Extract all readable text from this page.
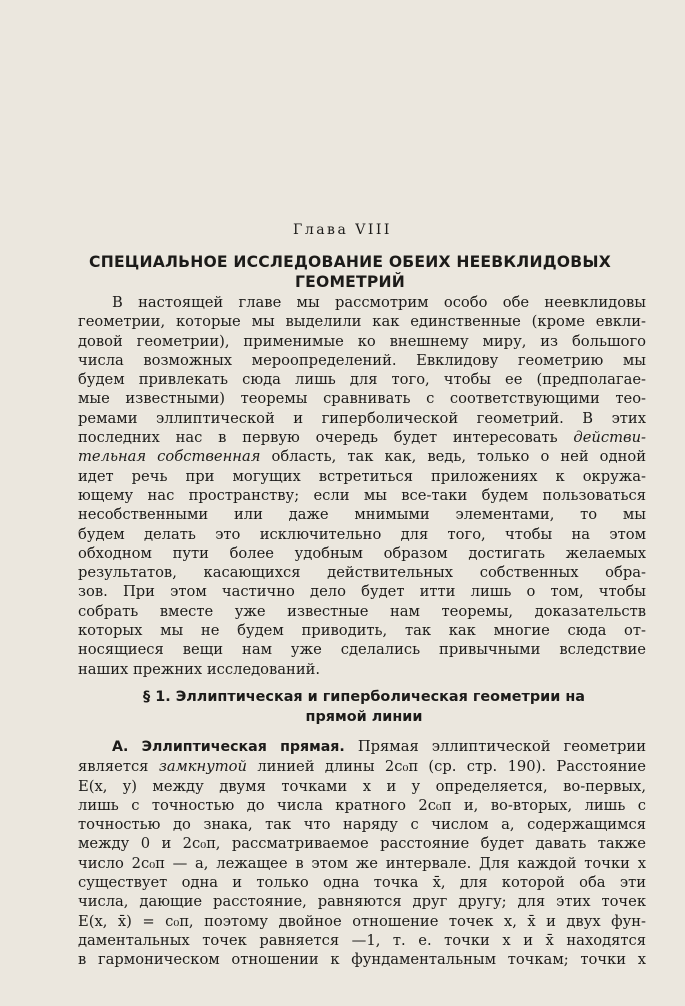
Глава VIII
СПЕЦИАЛЬНОЕ ИССЛЕДОВАНИЕ ОБЕИХ НЕЕВКЛИДОВЫХ
ГЕОМЕТРИЙ
В настоящей главе мы рассмотрим особо обе неевклидовы
геометрии, которые мы выделили как единственные (кроме евкли-
довой геометрии), применимые ко внешнему миру, из большого
числа возможных мероопределений. Евклидову геометрию мы
будем привлекать сюда лишь для того, чтобы ее (предполагае-
мые известными) теоремы сравнивать с соответствующими тео-
ремами эллиптической и гиперболической геометрий. В этих
последних нас в первую очередь будет интересовать действи-
тельная собственная область, так как, ведь, только о ней одной
идет речь при могущих встретиться приложениях к окружа-
ющему нас пространству; если мы все-таки будем пользоваться
несобственными или даже мнимыми элементами, то мы
будем делать это исключительно для того, чтобы на этом
обходном пути более удобным образом достигать желаемых
результатов, касающихся действительных собственных обра-
зов. При этом частично дело будет итти лишь о том, чтобы
собрать вместе уже известные нам теоремы, доказательств
которых мы не будем приводить, так как многие сюда от-
носящиеся вещи нам уже сделались привычными вследствие
наших прежних исследований.
§ 1. Эллиптическая и гиперболическая геометрии на
прямой линии
А. Эллиптическая прямая. Прямая эллиптической геометрии
является замкнутой линией длины 2c₀π (ср. стр. 190). Расстояние
E(x, y) между двумя точками x и y определяется, во-первых,
лишь с точностью до числа кратного 2c₀π и, во-вторых, лишь с
точностью до знака, так что наряду с числом a, содержащимся
между 0 и 2c₀π, рассматриваемое расстояние будет давать также
число 2c₀π — a, лежащее в этом же интервале. Для каждой точки x
существует одна и только одна точка x̄, для которой оба эти
числа, дающие расстояние, равняются друг другу; для этих точек
E(x, x̄) = c₀π, поэтому двойное отношение точек x, x̄ и двух фун-
даментальных точек равняется —1, т. е. точки x и x̄ находятся
в гармоническом отношении к фундаментальным точкам; точки x
